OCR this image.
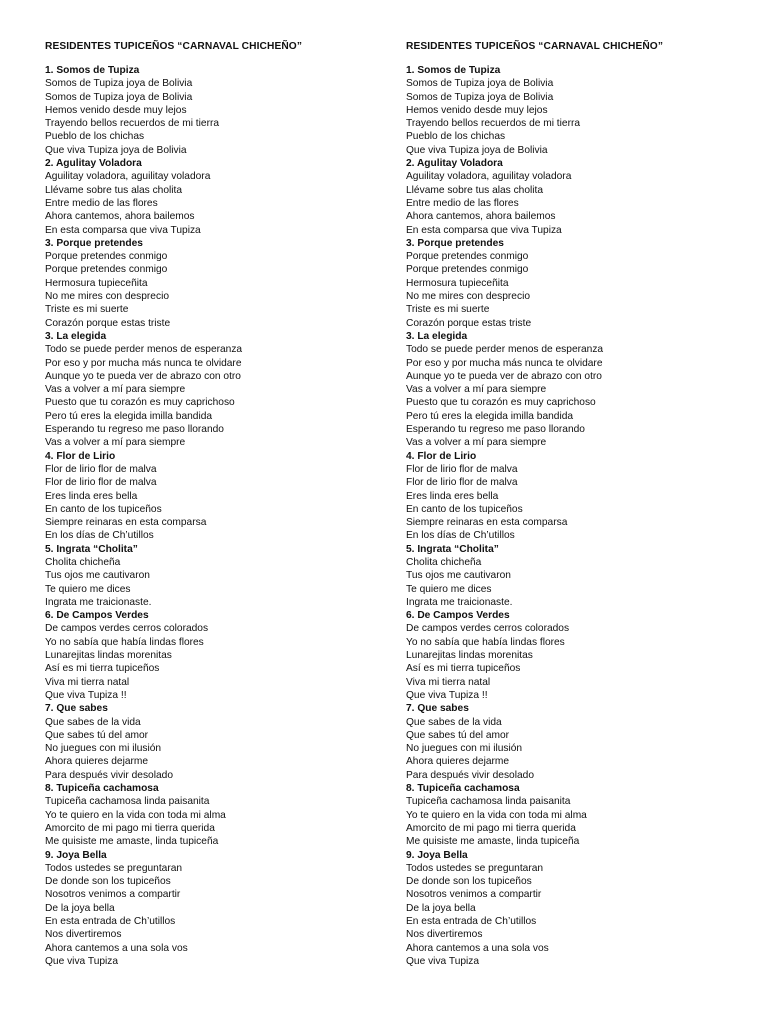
RESIDENTES TUPICEÑOS “CARNAVAL CHICHEÑO”
1. Somos de Tupiza
Somos de Tupiza joya de Bolivia
Somos de Tupiza joya de Bolivia
Hemos venido desde muy lejos
Trayendo bellos recuerdos de mi tierra
Pueblo de los chichas
Que viva Tupiza joya de Bolivia
2. Agulitay Voladora
Aguilitay voladora, aguilitay voladora
Llévame sobre tus alas cholita
Entre medio de las flores
Ahora cantemos, ahora bailemos
En esta comparsa que viva Tupiza
3. Porque pretendes
Porque pretendes conmigo
Porque pretendes conmigo
Hermosura tupieceñita
No me mires con desprecio
Triste es mi suerte
Corazón porque estas triste
3. La elegida
Todo se puede perder menos de esperanza
Por eso y por mucha más nunca te olvidare
Aunque yo te pueda ver de abrazo con otro
Vas a volver a mí para siempre
Puesto que tu corazón es muy caprichoso
Pero tú eres la elegida imilla bandida
Esperando tu regreso me paso llorando
Vas a volver a mí para siempre
4. Flor de Lirio
Flor de lirio flor de malva
Flor de lirio flor de malva
Eres linda eres bella
En canto de los tupiceños
Siempre reinaras en esta comparsa
En los días de Ch’utillos
5. Ingrata “Cholita”
Cholita chicheña
Tus ojos me cautivaron
Te quiero me dices
Ingrata me traicionaste.
6. De Campos Verdes
De campos verdes cerros colorados
Yo no sabía que había lindas flores
Lunarejitas lindas morenitas
Así es mi tierra tupiceños
Viva mi tierra natal
Que viva Tupiza !!
7. Que sabes
Que sabes de la vida
Que sabes tú del amor
No juegues con mi ilusión
Ahora quieres dejarme
Para después vivir desolado
8. Tupiceña cachamosa
Tupiceña cachamosa linda paisanita
Yo te quiero en la vida con toda mi alma
Amorcito de mi pago mi tierra querida
Me quisiste me amaste, linda tupiceña
9. Joya Bella
Todos ustedes se preguntaran
De donde son los tupiceños
Nosotros venimos a compartir
De la joya bella
En esta entrada de Ch’utillos
Nos divertiremos
Ahora cantemos a una sola vos
Que viva Tupiza
RESIDENTES TUPICEÑOS “CARNAVAL CHICHEÑO”
1. Somos de Tupiza
Somos de Tupiza joya de Bolivia
Somos de Tupiza joya de Bolivia
Hemos venido desde muy lejos
Trayendo bellos recuerdos de mi tierra
Pueblo de los chichas
Que viva Tupiza joya de Bolivia
2. Agulitay Voladora
Aguilitay voladora, aguilitay voladora
Llévame sobre tus alas cholita
Entre medio de las flores
Ahora cantemos, ahora bailemos
En esta comparsa que viva Tupiza
3. Porque pretendes
Porque pretendes conmigo
Porque pretendes conmigo
Hermosura tupieceñita
No me mires con desprecio
Triste es mi suerte
Corazón porque estas triste
3. La elegida
Todo se puede perder menos de esperanza
Por eso y por mucha más nunca te olvidare
Aunque yo te pueda ver de abrazo con otro
Vas a volver a mí para siempre
Puesto que tu corazón es muy caprichoso
Pero tú eres la elegida imilla bandida
Esperando tu regreso me paso llorando
Vas a volver a mí para siempre
4. Flor de Lirio
Flor de lirio flor de malva
Flor de lirio flor de malva
Eres linda eres bella
En canto de los tupiceños
Siempre reinaras en esta comparsa
En los días de Ch’utillos
5. Ingrata “Cholita”
Cholita chicheña
Tus ojos me cautivaron
Te quiero me dices
Ingrata me traicionaste.
6. De Campos Verdes
De campos verdes cerros colorados
Yo no sabía que había lindas flores
Lunarejitas lindas morenitas
Así es mi tierra tupiceños
Viva mi tierra natal
Que viva Tupiza !!
7. Que sabes
Que sabes de la vida
Que sabes tú del amor
No juegues con mi ilusión
Ahora quieres dejarme
Para después vivir desolado
8. Tupiceña cachamosa
Tupiceña cachamosa linda paisanita
Yo te quiero en la vida con toda mi alma
Amorcito de mi pago mi tierra querida
Me quisiste me amaste, linda tupiceña
9. Joya Bella
Todos ustedes se preguntaran
De donde son los tupiceños
Nosotros venimos a compartir
De la joya bella
En esta entrada de Ch’utillos
Nos divertiremos
Ahora cantemos a una sola vos
Que viva Tupiza
